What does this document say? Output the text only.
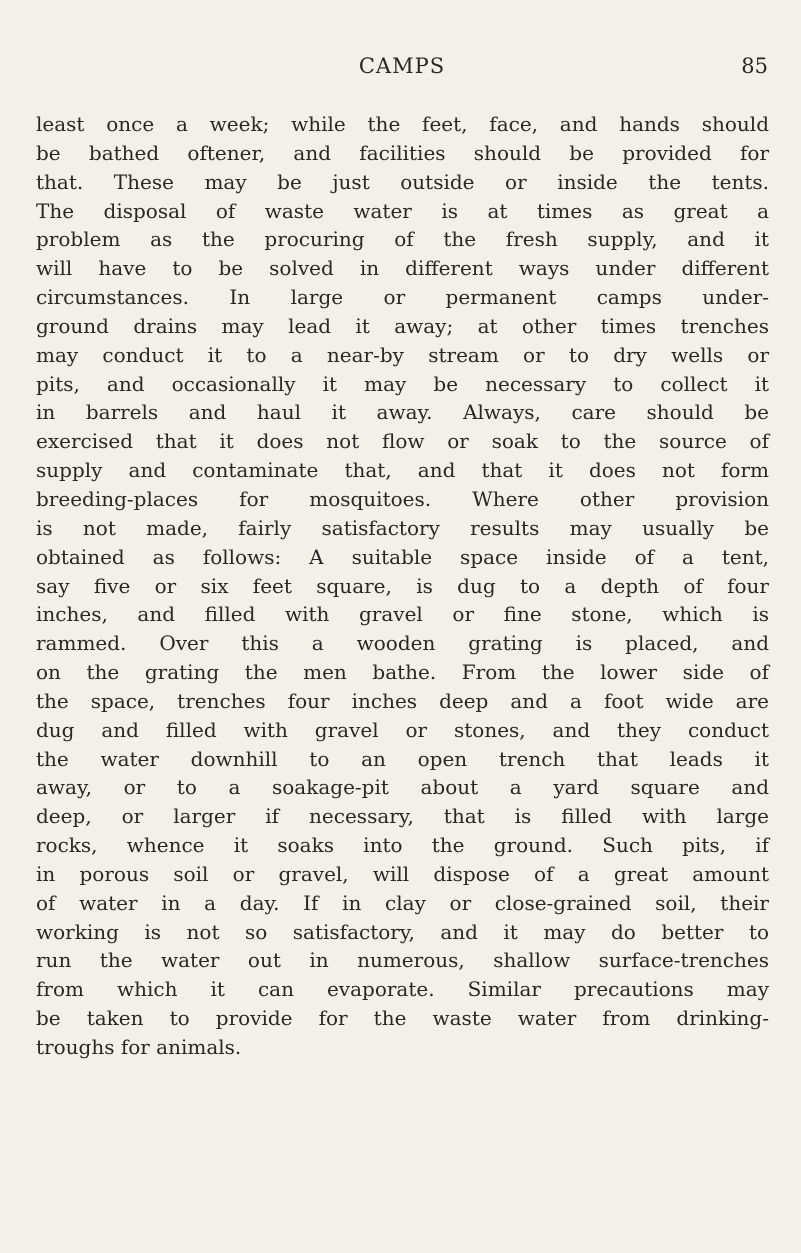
CAMPS	85
least once a week; while the feet, face, and hands should
be bathed oftener, and facilities should be provided for
that. These may be just outside or inside the tents.
The disposal of waste water is at times as great a
problem as the procuring of the fresh supply, and it
will have to be solved in different ways under different
circumstances. In large or permanent camps under-
ground drains may lead it away; at other times trenches
may conduct it to a near-by stream or to dry wells or
pits, and occasionally it may be necessary to collect it
in barrels and haul it away. Always, care should be
exercised that it does not flow or soak to the source of
supply and contaminate that, and that it does not form
breeding-places for mosquitoes. Where other provision
is not made, fairly satisfactory results may usually be
obtained as follows: A suitable space inside of a tent,
say five or six feet square, is dug to a depth of four
inches, and filled with gravel or fine stone, which is
rammed. Over this a wooden grating is placed, and
on the grating the men bathe. From the lower side of
the space, trenches four inches deep and a foot wide are
dug and filled with gravel or stones, and they conduct
the water downhill to an open trench that leads it
away, or to a soakage-pit about a yard square and
deep, or larger if necessary, that is filled with large
rocks, whence it soaks into the ground. Such pits, if
in porous soil or gravel, will dispose of a great amount
of water in a day. If in clay or close-grained soil, their
working is not so satisfactory, and it may do better to
run the water out in numerous, shallow surface-trenches
from which it can evaporate. Similar precautions may
be taken to provide for the waste water from drinking-
troughs for animals.
